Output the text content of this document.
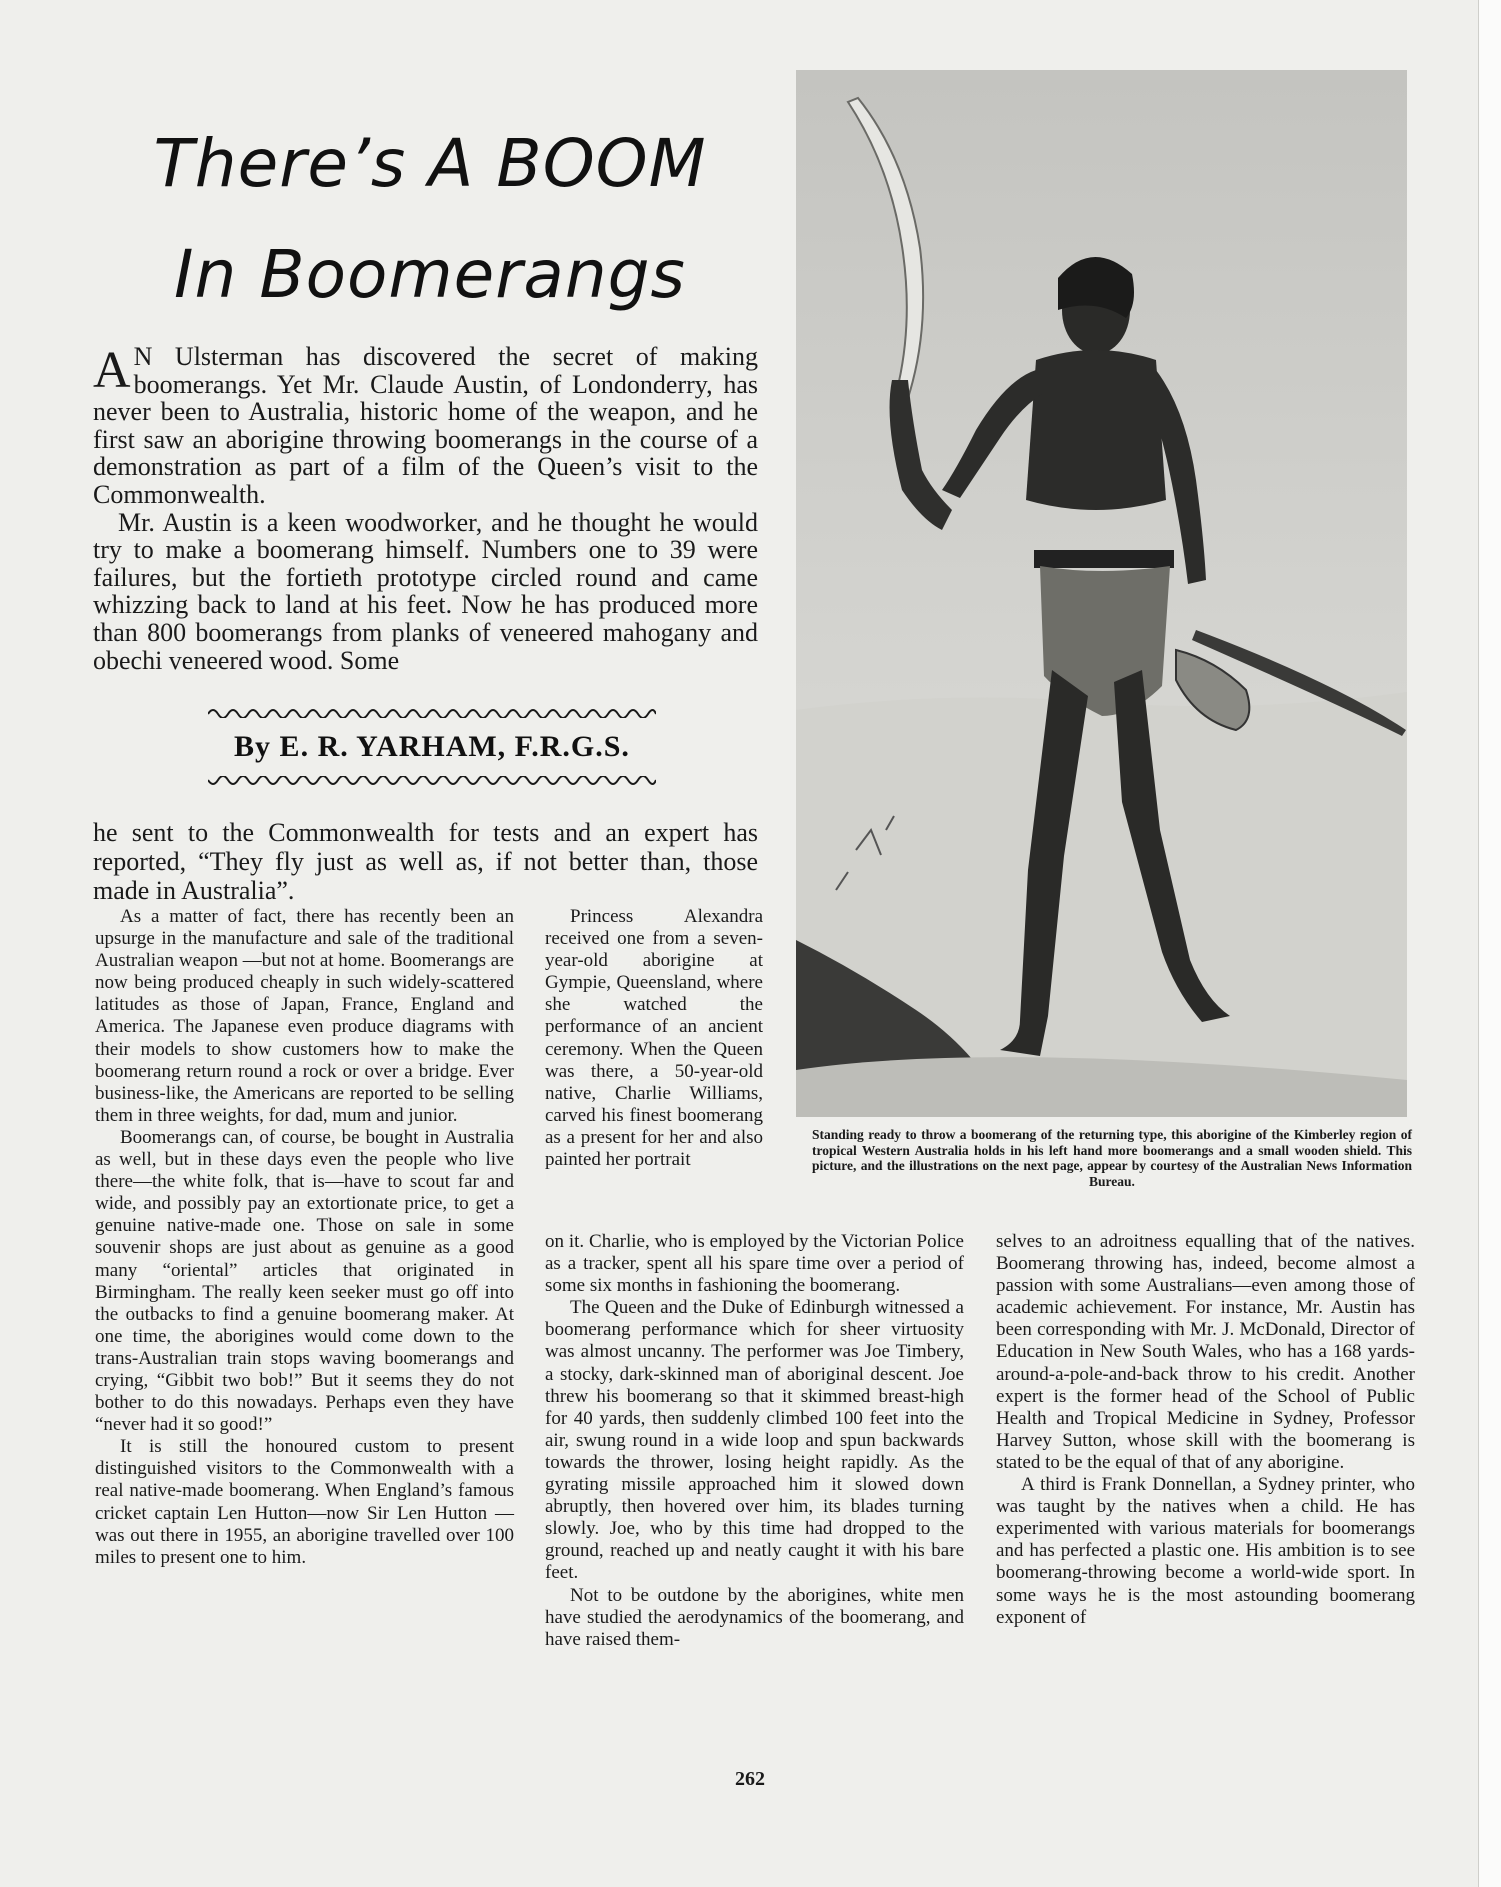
There’s A BOOM
In Boomerangs

A N Ulsterman has discovered the secret of making boomerangs. Yet Mr. Claude Austin, of Londonderry, has never been to Australia, historic home of the weapon, and he first saw an aborigine throwing boomerangs in the course of a demonstration as part of a film of the Queen’s visit to the Commonwealth.

Mr. Austin is a keen woodworker, and he thought he would try to make a boomerang himself. Numbers one to 39 were failures, but the fortieth prototype circled round and came whizzing back to land at his feet. Now he has produced more than 800 boomerangs from planks of veneered mahogany and obechi veneered wood. Some

By E. R. YARHAM, F.R.G.S.
he sent to the Commonwealth for tests and an expert has reported, “They fly just as well as, if not better than, those made in Australia”.

As a matter of fact, there has recently been an upsurge in the manufacture and sale of the traditional Australian weapon —but not at home. Boomerangs are now being produced cheaply in such widely-scattered latitudes as those of Japan, France, England and America. The Japanese even produce diagrams with their models to show customers how to make the boomerang return round a rock or over a bridge. Ever business-like, the Americans are reported to be selling them in three weights, for dad, mum and junior.

Boomerangs can, of course, be bought in Australia as well, but in these days even the people who live there—the white folk, that is—have to scout far and wide, and possibly pay an extortionate price, to get a genuine native-made one. Those on sale in some souvenir shops are just about as genuine as a good many “oriental” articles that originated in Birmingham. The really keen seeker must go off into the outbacks to find a genuine boomerang maker. At one time, the aborigines would come down to the trans-Australian train stops waving boomerangs and crying, “Gibbit two bob!” But it seems they do not bother to do this nowadays. Perhaps even they have “never had it so good!”

It is still the honoured custom to present distinguished visitors to the Commonwealth with a real native-made boomerang. When England’s famous cricket captain Len Hutton—now Sir Len Hutton —was out there in 1955, an aborigine travelled over 100 miles to present one to him.

Princess Alexandra received one from a seven-year-old aborigine at Gympie, Queensland, where she watched the performance of an ancient ceremony. When the Queen was there, a 50-year-old native, Charlie Williams, carved his finest boomerang as a present for her and also painted her portrait

Standing ready to throw a boomerang of the returning type, this aborigine of the Kimberley region of tropical Western Australia holds in his left hand more boomerangs and a small wooden shield. This picture, and the illustrations on the next page, appear by courtesy of the Australian News Information Bureau.

on it. Charlie, who is employed by the Victorian Police as a tracker, spent all his spare time over a period of some six months in fashioning the boomerang.

The Queen and the Duke of Edinburgh witnessed a boomerang performance which for sheer virtuosity was almost uncanny. The performer was Joe Timbery, a stocky, dark-skinned man of aboriginal descent. Joe threw his boomerang so that it skimmed breast-high for 40 yards, then suddenly climbed 100 feet into the air, swung round in a wide loop and spun backwards towards the thrower, losing height rapidly. As the gyrating missile approached him it slowed down abruptly, then hovered over him, its blades turning slowly. Joe, who by this time had dropped to the ground, reached up and neatly caught it with his bare feet.

Not to be outdone by the aborigines, white men have studied the aerodynamics of the boomerang, and have raised them-

selves to an adroitness equalling that of the natives. Boomerang throwing has, indeed, become almost a passion with some Australians—even among those of academic achievement. For instance, Mr. Austin has been corresponding with Mr. J. McDonald, Director of Education in New South Wales, who has a 168 yards-around-a-pole-and-back throw to his credit. Another expert is the former head of the School of Public Health and Tropical Medicine in Sydney, Professor Harvey Sutton, whose skill with the boomerang is stated to be the equal of that of any aborigine.

A third is Frank Donnellan, a Sydney printer, who was taught by the natives when a child. He has experimented with various materials for boomerangs and has perfected a plastic one. His ambition is to see boomerang-throwing become a world-wide sport. In some ways he is the most astounding boomerang exponent of

262
